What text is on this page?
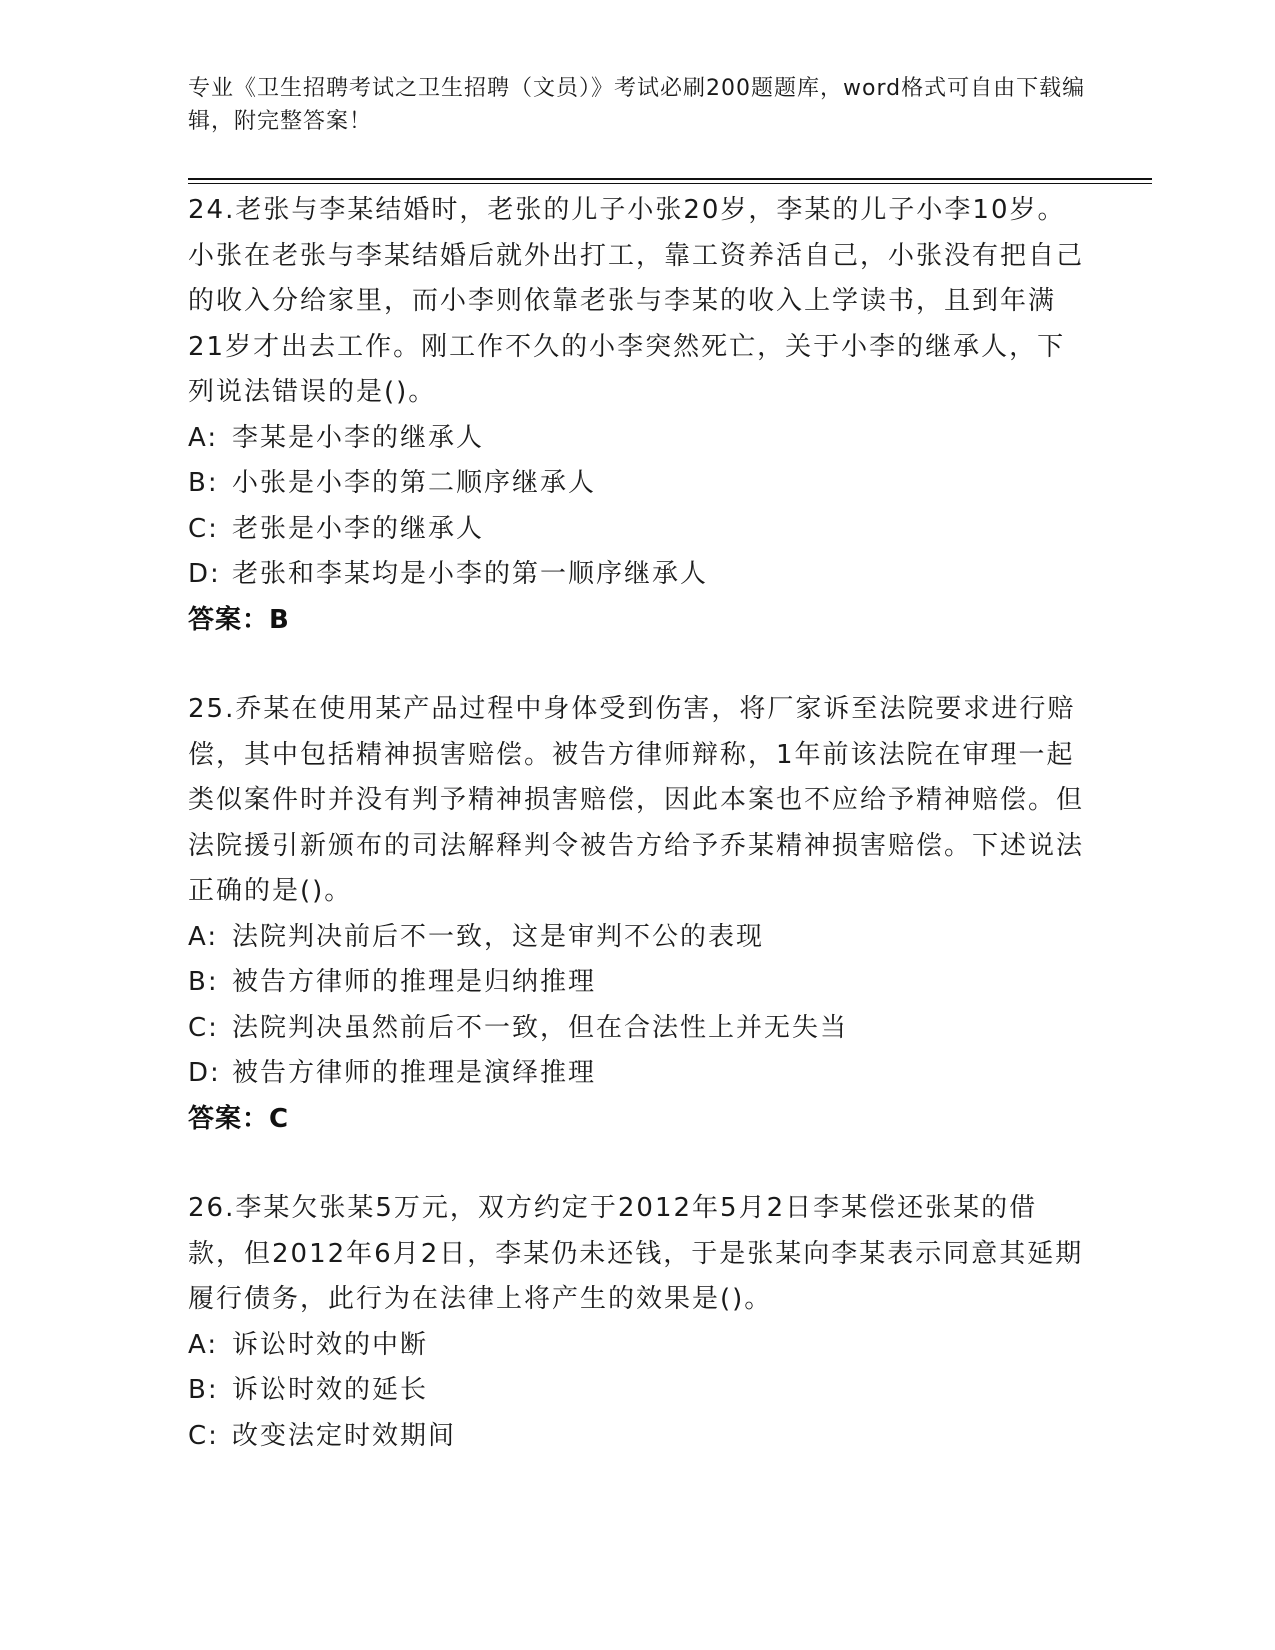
专业《卫生招聘考试之卫生招聘（文员）》考试必刷200题题库，word格式可自由下载编辑，附完整答案！
24.老张与李某结婚时，老张的儿子小张20岁，李某的儿子小李10岁。小张在老张与李某结婚后就外出打工，靠工资养活自己，小张没有把自己的收入分给家里，而小李则依靠老张与李某的收入上学读书，且到年满21岁才出去工作。刚工作不久的小李突然死亡，关于小李的继承人，下列说法错误的是()。
A: 李某是小李的继承人
B: 小张是小李的第二顺序继承人
C: 老张是小李的继承人
D: 老张和李某均是小李的第一顺序继承人
答案：B
25.乔某在使用某产品过程中身体受到伤害，将厂家诉至法院要求进行赔偿，其中包括精神损害赔偿。被告方律师辩称，1年前该法院在审理一起类似案件时并没有判予精神损害赔偿，因此本案也不应给予精神赔偿。但法院援引新颁布的司法解释判令被告方给予乔某精神损害赔偿。下述说法正确的是()。
A: 法院判决前后不一致，这是审判不公的表现
B: 被告方律师的推理是归纳推理
C: 法院判决虽然前后不一致，但在合法性上并无失当
D: 被告方律师的推理是演绎推理
答案：C
26.李某欠张某5万元，双方约定于2012年5月2日李某偿还张某的借款，但2012年6月2日，李某仍未还钱，于是张某向李某表示同意其延期履行债务，此行为在法律上将产生的效果是()。
A: 诉讼时效的中断
B: 诉讼时效的延长
C: 改变法定时效期间
